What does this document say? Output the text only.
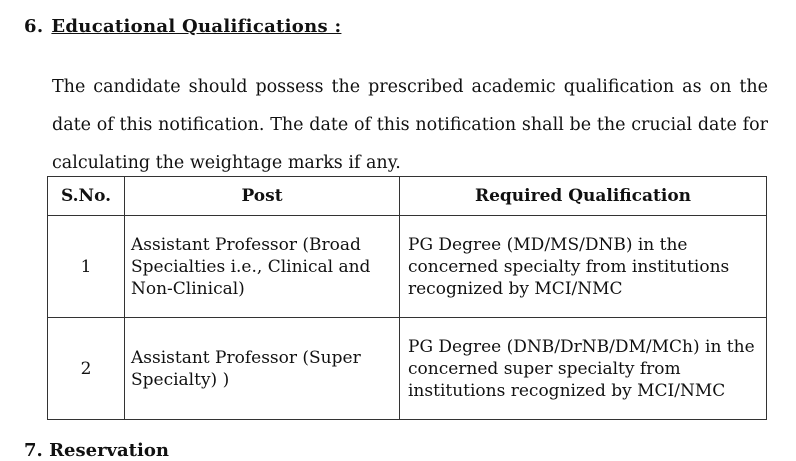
6. Educational Qualifications :
The candidate should possess the prescribed academic qualification as on the date of this notification. The date of this notification shall be the crucial date for calculating the weightage marks if any.
S.No.	Post	Required Qualification
1	Assistant Professor (Broad Specialties i.e., Clinical and Non-Clinical)	PG Degree (MD/MS/DNB) in the concerned specialty from institutions recognized by MCI/NMC
2	Assistant Professor (Super Specialty) )	PG Degree (DNB/DrNB/DM/MCh) in the concerned super specialty from institutions recognized by MCI/NMC
7. Reservation
